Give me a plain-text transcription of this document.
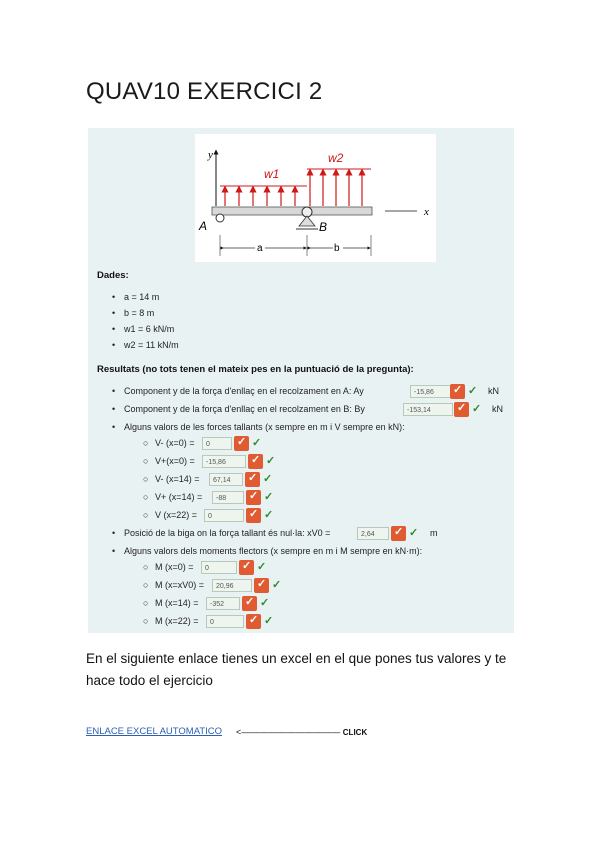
QUAV10 EXERCICI 2
y
w1
w2
x
A	B
a	b
Dades:
• a = 14 m
• b = 8 m
• w1 = 6 kN/m
• w2 = 11 kN/m
Resultats (no tots tenen el mateix pes en la puntuació de la pregunta):
• Component y de la força d'enllaç en el recolzament en A: Ay	-15,86	✓ ✓ kN
• Component y de la força d'enllaç en el recolzament en B: By	-153,14	✓ ✓ kN
• Alguns valors de les forces tallants (x sempre en m i V sempre en kN):
○ V- (x=0) =	0	✓ ✓
○ V+(x=0) =	-15,86	✓ ✓
○ V- (x=14) =	67,14	✓ ✓
○ V+ (x=14) =	-88	✓ ✓
○ V (x=22) =	0	✓ ✓
• Posició de la biga on la força tallant és nul·la: xV0 =	2,64	✓ ✓ m
• Alguns valors dels moments flectors (x sempre en m i M sempre en kN·m):
○ M (x=0) =	0	✓ ✓
○ M (x=xV0) =	20,96	✓ ✓
○ M (x=14) =	-352	✓ ✓
○ M (x=22) =	0	✓ ✓
En el siguiente enlace tienes un excel en el que pones tus valores y te hace todo el ejercicio
ENLACE EXCEL AUTOMATICO <——————————— CLICK
